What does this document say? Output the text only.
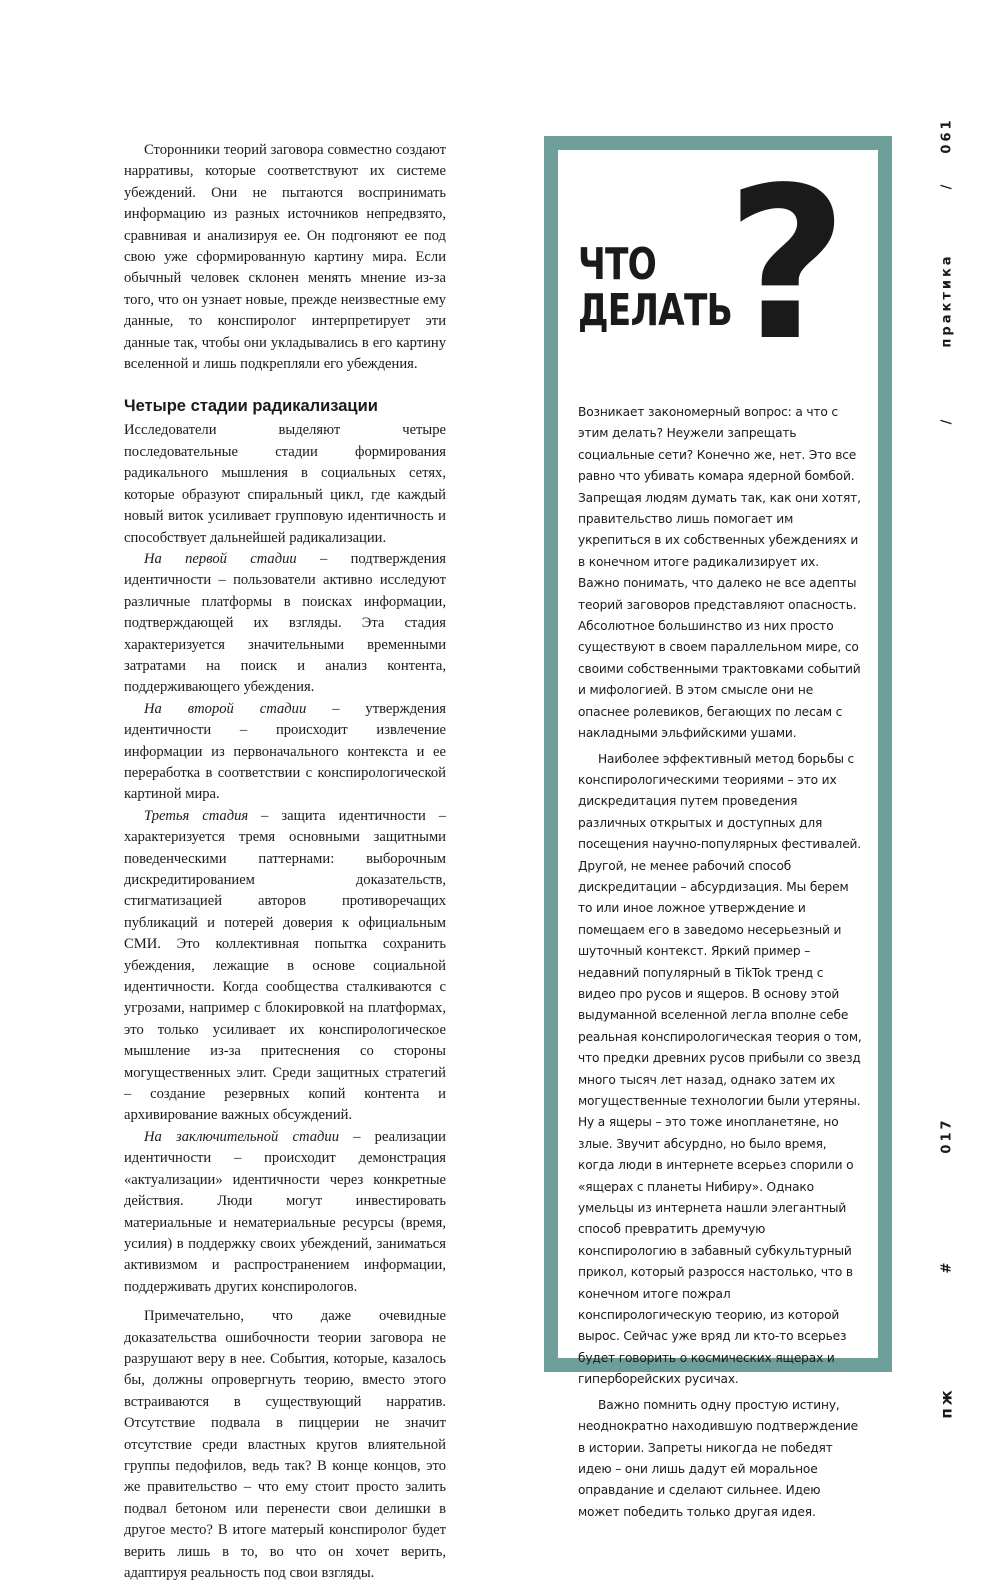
Сторонники теорий заговора совместно создают нарративы, которые соответствуют их системе убеждений. Они не пытаются воспринимать информацию из разных источников непредвзято, сравнивая и анализируя ее. Он подгоняют ее под свою уже сформированную картину мира. Если обычный человек склонен менять мнение из-за того, что он узнает новые, прежде неизвестные ему данные, то конспиролог интерпретирует эти данные так, чтобы они укладывались в его картину вселенной и лишь подкрепляли его убеждения.

Четыре стадии радикализации

Исследователи выделяют четыре последовательные стадии формирования радикального мышления в социальных сетях, которые образуют спиральный цикл, где каждый новый виток усиливает групповую идентичность и способствует дальнейшей радикализации.

На первой стадии – подтверждения идентичности – пользователи активно исследуют различные платформы в поисках информации, подтверждающей их взгляды. Эта стадия характеризуется значительными временными затратами на поиск и анализ контента, поддерживающего убеждения.

На второй стадии – утверждения идентичности – происходит извлечение информации из первоначального контекста и ее переработка в соответствии с конспирологической картиной мира.

Третья стадия – защита идентичности – характеризуется тремя основными защитными поведенческими паттернами: выборочным дискредитированием доказательств, стигматизацией авторов противоречащих публикаций и потерей доверия к официальным СМИ. Это коллективная попытка сохранить убеждения, лежащие в основе социальной идентичности. Когда сообщества сталкиваются с угрозами, например с блокировкой на платформах, это только усиливает их конспирологическое мышление из-за притеснения со стороны могущественных элит. Среди защитных стратегий – создание резервных копий контента и архивирование важных обсуждений.

На заключительной стадии – реализации идентичности – происходит демонстрация «актуализации» идентичности через конкретные действия. Люди могут инвестировать материальные и нематериальные ресурсы (время, усилия) в поддержку своих убеждений, заниматься активизмом и распространением информации, поддерживать других конспирологов.

Примечательно, что даже очевидные доказательства ошибочности теории заговора не разрушают веру в нее. События, которые, казалось бы, должны опровергнуть теорию, вместо этого встраиваются в существующий нарратив. Отсутствие подвала в пиццерии не значит отсутствие среди властных кругов влиятельной группы педофилов, ведь так? В конце концов, это же правительство – что ему стоит просто залить подвал бетоном или перенести свои делишки в другое место? В итоге матерый конспиролог будет верить лишь в то, во что он хочет верить, адаптируя реальность под свои взгляды.

ЧТО
ДЕЛАТЬ
?

Возникает закономерный вопрос: а что с этим делать? Неужели запрещать социальные сети? Конечно же, нет. Это все равно что убивать комара ядерной бомбой. Запрещая людям думать так, как они хотят, правительство лишь помогает им укрепиться в их собственных убеждениях и в конечном итоге радикализирует их. Важно понимать, что далеко не все адепты теорий заговоров представляют опасность. Абсолютное большинство из них просто существуют в своем параллельном мире, со своими собственными трактовками событий и мифологией. В этом смысле они не опаснее ролевиков, бегающих по лесам с накладными эльфийскими ушами.

Наиболее эффективный метод борьбы с конспирологическими теориями – это их дискредитация путем проведения различных открытых и доступных для посещения научно-популярных фестивалей. Другой, не менее рабочий способ дискредитации – абсурдизация. Мы берем то или иное ложное утверждение и помещаем его в заведомо несерьезный и шуточный контекст. Яркий пример – недавний популярный в TikTok тренд с видео про русов и ящеров. В основу этой выдуманной вселенной легла вполне себе реальная конспирологическая теория о том, что предки древних русов прибыли со звезд много тысяч лет назад, однако затем их могущественные технологии были утеряны. Ну а ящеры – это тоже инопланетяне, но злые. Звучит абсурдно, но было время, когда люди в интернете всерьез спорили о «ящерах с планеты Нибиру». Однако умельцы из интернета нашли элегантный способ превратить дремучую конспирологию в забавный субкультурный прикол, который разросся настолько, что в конечном итоге пожрал конспирологическую теорию, из которой вырос. Сейчас уже вряд ли кто-то всерьез будет говорить о космических ящерах и гиперборейских русичах.

Важно помнить одну простую истину, неоднократно находившую подтверждение в истории. Запреты никогда не победят идею – они лишь дадут ей моральное оправдание и сделают сильнее. Идею может победить только другая идея.

061
/
практика
/
017
#
пж
